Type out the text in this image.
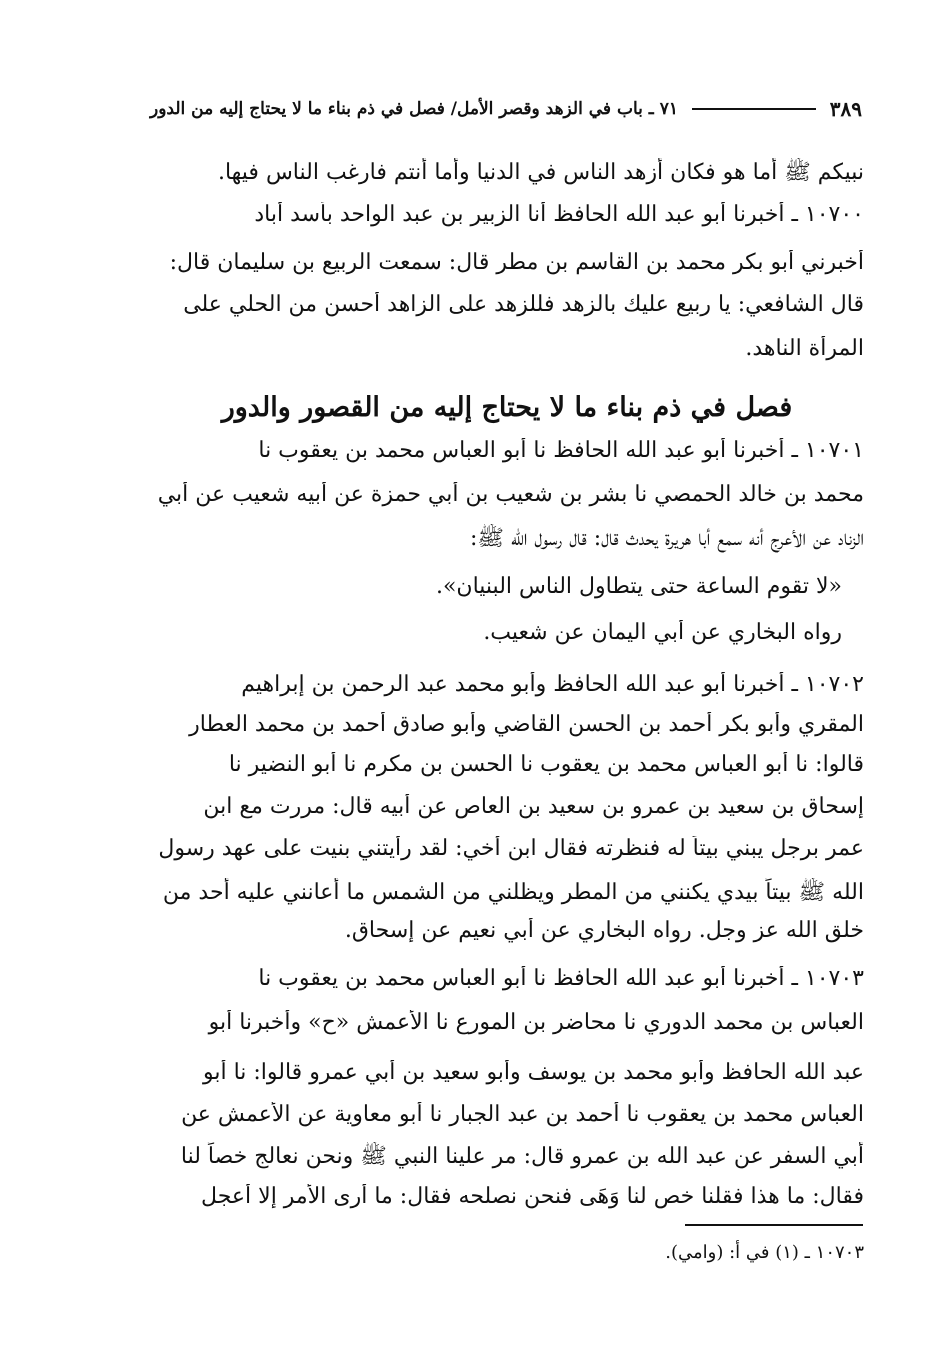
٧١ ـ باب في الزهد وقصر الأمل/ فصل في ذم بناء ما لا يحتاج إليه من الدور	٣٨٩
نبيكم ﷺ أما هو فكان أزهد الناس في الدنيا وأما أنتم فارغب الناس فيها.
١٠٧٠٠ ـ أخبرنا أبو عبد الله الحافظ أنا الزبير بن عبد الواحد بأسد أباد
أخبرني أبو بكر محمد بن القاسم بن مطر قال: سمعت الربيع بن سليمان قال:
قال الشافعي: يا ربيع عليك بالزهد فللزهد على الزاهد أحسن من الحلي على
المرأة الناهد.
فصل في ذم بناء ما لا يحتاج إليه من القصور والدور
١٠٧٠١ ـ أخبرنا أبو عبد الله الحافظ نا أبو العباس محمد بن يعقوب نا
محمد بن خالد الحمصي نا بشر بن شعيب بن أبي حمزة عن أبيه شعيب عن أبي
الزناد عن الأعرج أنه سمع أبا هريرة يحدث قال: قال رسول الله ﷺ:
«لا تقوم الساعة حتى يتطاول الناس البنيان».
رواه البخاري عن أبي اليمان عن شعيب.
١٠٧٠٢ ـ أخبرنا أبو عبد الله الحافظ وأبو محمد عبد الرحمن بن إبراهيم
المقري وأبو بكر أحمد بن الحسن القاضي وأبو صادق أحمد بن محمد العطار
قالوا: نا أبو العباس محمد بن يعقوب نا الحسن بن مكرم نا أبو النضير نا
إسحاق بن سعيد بن عمرو بن سعيد بن العاص عن أبيه قال: مررت مع ابن
عمر برجل يبني بيتاً له فنظرته فقال ابن أخي: لقد رأيتني بنيت على عهد رسول
الله ﷺ بيتاً بيدي يكنني من المطر ويظلني من الشمس ما أعانني عليه أحد من
خلق الله عز وجل. رواه البخاري عن أبي نعيم عن إسحاق.
١٠٧٠٣ ـ أخبرنا أبو عبد الله الحافظ نا أبو العباس محمد بن يعقوب نا
العباس بن محمد الدوري نا محاضر بن المورع نا الأعمش «ح» وأخبرنا أبو
عبد الله الحافظ وأبو محمد بن يوسف وأبو سعيد بن أبي عمرو قالوا: نا أبو
العباس محمد بن يعقوب نا أحمد بن عبد الجبار نا أبو معاوية عن الأعمش عن
أبي السفر عن عبد الله بن عمرو قال: مر علينا النبي ﷺ ونحن نعالج خصاً لنا
فقال: ما هذا فقلنا خص لنا وَهَى فنحن نصلحه فقال: ما أرى الأمر إلا أعجل
١٠٧٠٣ ـ (١) في أ: (وامي).
